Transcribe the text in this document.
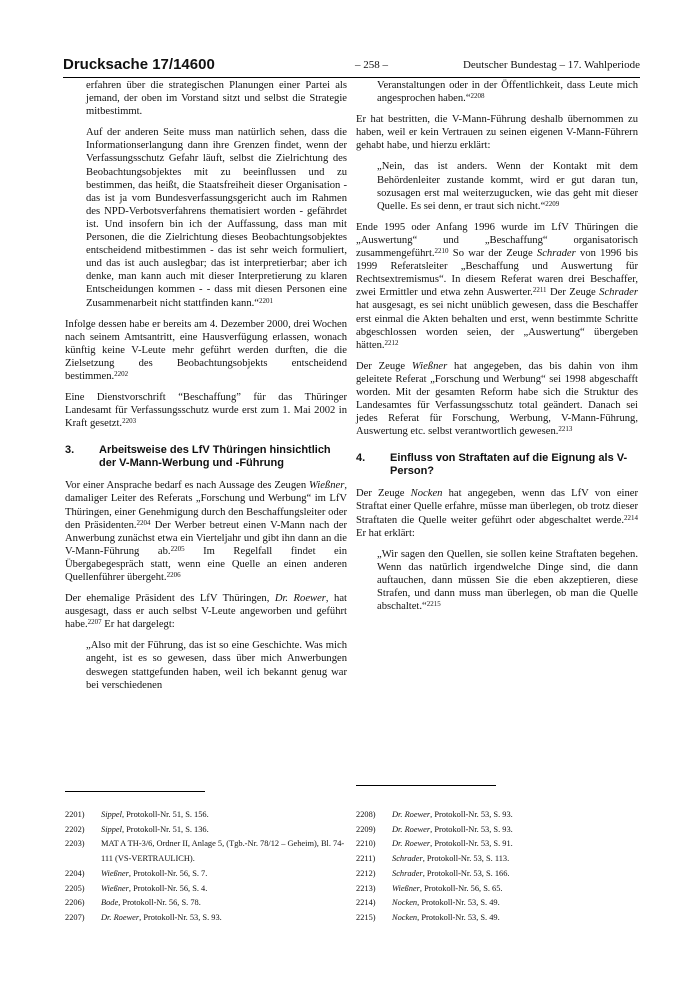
Drucksache 17/14600	– 258 –	Deutscher Bundestag – 17. Wahlperiode

erfahren über die strategischen Planungen einer Partei als jemand, der oben im Vorstand sitzt und selbst die Strategie mitbestimmt.

Auf der anderen Seite muss man natürlich sehen, dass die Informationserlangung dann ihre Grenzen findet, wenn der Verfassungsschutz Gefahr läuft, selbst die Zielrichtung des Beobachtungsobjektes mit zu beeinflussen und zu bestimmen, das heißt, die Staatsfreiheit dieser Organisation - das ist ja vom Bundesverfassungsgericht auch im Rahmen des NPD-Verbotsverfahrens thematisiert worden - gefährdet ist. Und insofern bin ich der Auffassung, dass man mit Personen, die die Zielrichtung dieses Beobachtungsobjektes entscheidend mitbestimmen - das ist sehr weich formuliert, und das ist auch auslegbar; das ist interpretierbar; aber ich denke, man kann auch mit dieser Interpretierung zu klaren Entscheidungen kommen - - dass mit diesen Personen eine Zusammenarbeit nicht stattfinden kann.“$^{2201}$

Infolge dessen habe er bereits am 4. Dezember 2000, drei Wochen nach seinem Amtsantritt, eine Hausverfügung erlassen, wonach künftig keine V-Leute mehr geführt werden durften, die die Zielsetzung des Beobachtungsobjekts entscheidend bestimmen.$^{2202}$

Eine Dienstvorschrift “Beschaffung” für das Thüringer Landesamt für Verfassungsschutz wurde erst zum 1. Mai 2002 in Kraft gesetzt.$^{2203}$

3.	Arbeitsweise des LfV Thüringen hinsichtlich der V-Mann-Werbung und -Führung

Vor einer Ansprache bedarf es nach Aussage des Zeugen Wießner, damaliger Leiter des Referats „Forschung und Werbung“ im LfV Thüringen, einer Genehmigung durch den Beschaffungsleiter oder den Präsidenten.$^{2204}$ Der Werber betreut einen V-Mann nach der Anwerbung zunächst etwa ein Vierteljahr und gibt ihn dann an die V-Mann-Führung ab.$^{2205}$ Im Regelfall findet ein Übergabegespräch statt, wenn eine Quelle an einen anderen Quellenführer übergeht.$^{2206}$

Der ehemalige Präsident des LfV Thüringen, Dr. Roewer, hat ausgesagt, dass er auch selbst V-Leute angeworben und geführt habe.$^{2207}$ Er hat dargelegt:

„Also mit der Führung, das ist so eine Geschichte. Was mich angeht, ist es so gewesen, dass über mich Anwerbungen deswegen stattgefunden haben, weil ich bekannt genug war bei verschiedenen

Veranstaltungen oder in der Öffentlichkeit, dass Leute mich angesprochen haben.“$^{2208}$

Er hat bestritten, die V-Mann-Führung deshalb übernommen zu haben, weil er kein Vertrauen zu seinen eigenen V-Mann-Führern gehabt habe, und hierzu erklärt:

„Nein, das ist anders. Wenn der Kontakt mit dem Behördenleiter zustande kommt, wird er gut daran tun, sozusagen erst mal weiterzugucken, wie das geht mit dieser Quelle. Es sei denn, er traut sich nicht.“$^{2209}$

Ende 1995 oder Anfang 1996 wurde im LfV Thüringen die „Auswertung“ und „Beschaffung“ organisatorisch zusammengeführt.$^{2210}$ So war der Zeuge Schrader von 1996 bis 1999 Referatsleiter „Beschaffung und Auswertung für Rechtsextremismus“. In diesem Referat waren drei Beschaffer, zwei Ermittler und etwa zehn Auswerter.$^{2211}$ Der Zeuge Schrader hat ausgesagt, es sei nicht unüblich gewesen, dass die Beschaffer erst einmal die Akten behalten und erst, wenn bestimmte Schritte abgeschlossen worden seien, der „Auswertung“ übergeben hätten.$^{2212}$

Der Zeuge Wießner hat angegeben, das bis dahin von ihm geleitete Referat „Forschung und Werbung“ sei 1998 abgeschafft worden. Mit der gesamten Reform habe sich die Struktur des Landesamtes für Verfassungsschutz total geändert. Danach sei jedes Referat für Forschung, Werbung, V-Mann-Führung, Auswertung etc. selbst verantwortlich gewesen.$^{2213}$

4.	Einfluss von Straftaten auf die Eignung als V-Person?

Der Zeuge Nocken hat angegeben, wenn das LfV von einer Straftat einer Quelle erfahre, müsse man überlegen, ob trotz dieser Straftaten die Quelle weiter geführt oder abgeschaltet werde.$^{2214}$ Er hat erklärt:

„Wir sagen den Quellen, sie sollen keine Straftaten begehen. Wenn das natürlich irgendwelche Dinge sind, die dann auftauchen, dann müssen Sie die eben akzeptieren, diese Strafen, und dann muss man überlegen, ob man die Quelle abschaltet.“$^{2215}$

2201)	Sippel, Protokoll-Nr. 51, S. 156.
2202)	Sippel, Protokoll-Nr. 51, S. 136.
2203)	MAT A TH-3/6, Ordner II, Anlage 5, (Tgb.-Nr. 78/12 – Geheim), Bl. 74-111 (VS-VERTRAULICH).
2204)	Wießner, Protokoll-Nr. 56, S. 7.
2205)	Wießner, Protokoll-Nr. 56, S. 4.
2206)	Bode, Protokoll-Nr. 56, S. 78.
2207)	Dr. Roewer, Protokoll-Nr. 53, S. 93.
2208)	Dr. Roewer, Protokoll-Nr. 53, S. 93.
2209)	Dr. Roewer, Protokoll-Nr. 53, S. 93.
2210)	Dr. Roewer, Protokoll-Nr. 53, S. 91.
2211)	Schrader, Protokoll-Nr. 53, S. 113.
2212)	Schrader, Protokoll-Nr. 53, S. 166.
2213)	Wießner, Protokoll-Nr. 56, S. 65.
2214)	Nocken, Protokoll-Nr. 53, S. 49.
2215)	Nocken, Protokoll-Nr. 53, S. 49.
